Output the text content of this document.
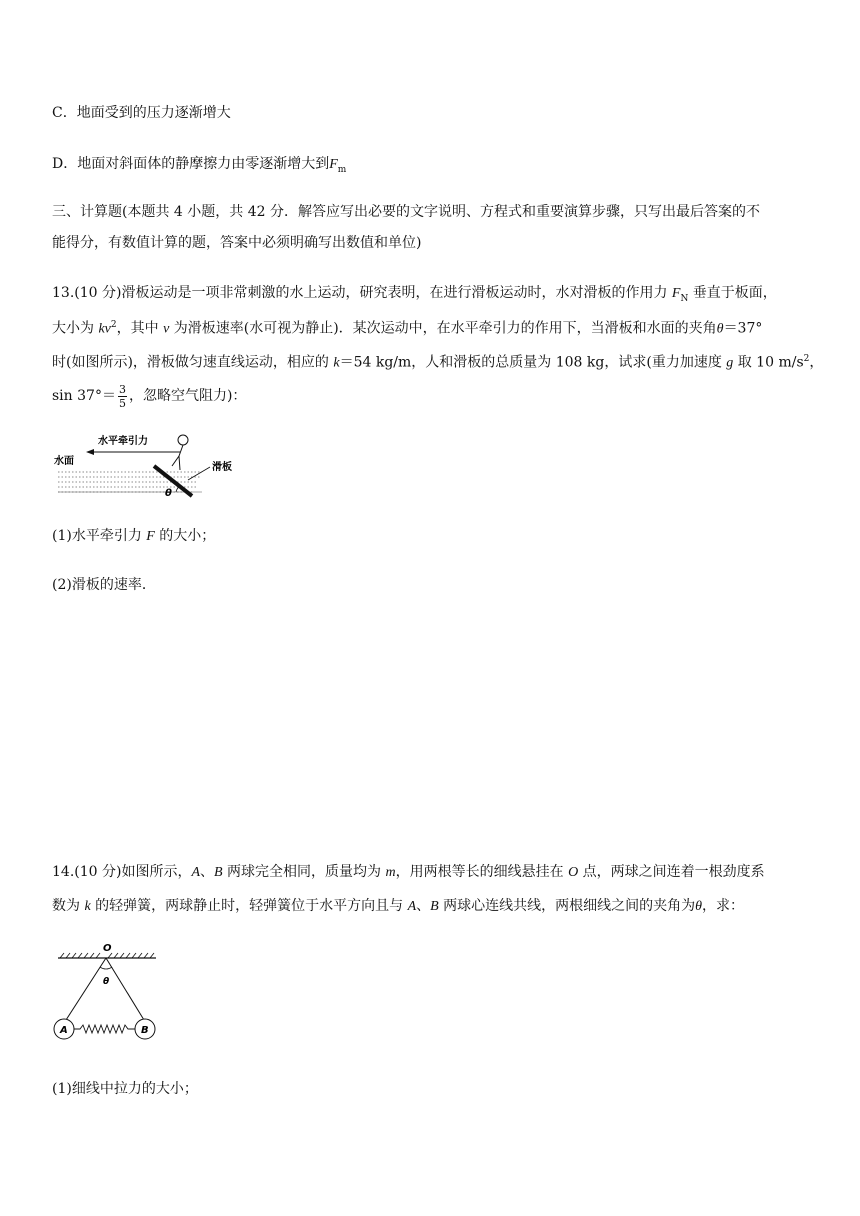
C．地面受到的压力逐渐增大
D．地面对斜面体的静摩擦力由零逐渐增大到$F_m$
三、计算题(本题共 4 小题，共 42 分．解答应写出必要的文字说明、方程式和重要演算步骤，只写出最后答案的不
能得分，有数值计算的题，答案中必须明确写出数值和单位)
13.(10 分)滑板运动是一项非常刺激的水上运动，研究表明，在进行滑板运动时，水对滑板的作用力 $F_N$ 垂直于板面，
大小为 $kv^2$，其中 v 为滑板速率(水可视为静止)．某次运动中，在水平牵引力的作用下，当滑板和水面的夹角θ＝37°
时(如图所示)，滑板做匀速直线运动，相应的 k＝54 kg/m，人和滑板的总质量为 108 kg，试求(重力加速度 g 取 10 $m/s^2$，
$\sin 37^\circ= \frac{3}{5}$ ，忽略空气阻力)：
水平牵引力
水面
滑板
θ
(1)水平牵引力 F 的大小；
(2)滑板的速率．
14.(10 分)如图所示，A、B 两球完全相同，质量均为 m，用两根等长的细线悬挂在 O 点，两球之间连着一根劲度系
数为 k 的轻弹簧，两球静止时，轻弹簧位于水平方向且与 A、B 两球心连线共线，两根细线之间的夹角为θ，求：
O
θ
A	B
(1)细线中拉力的大小；
